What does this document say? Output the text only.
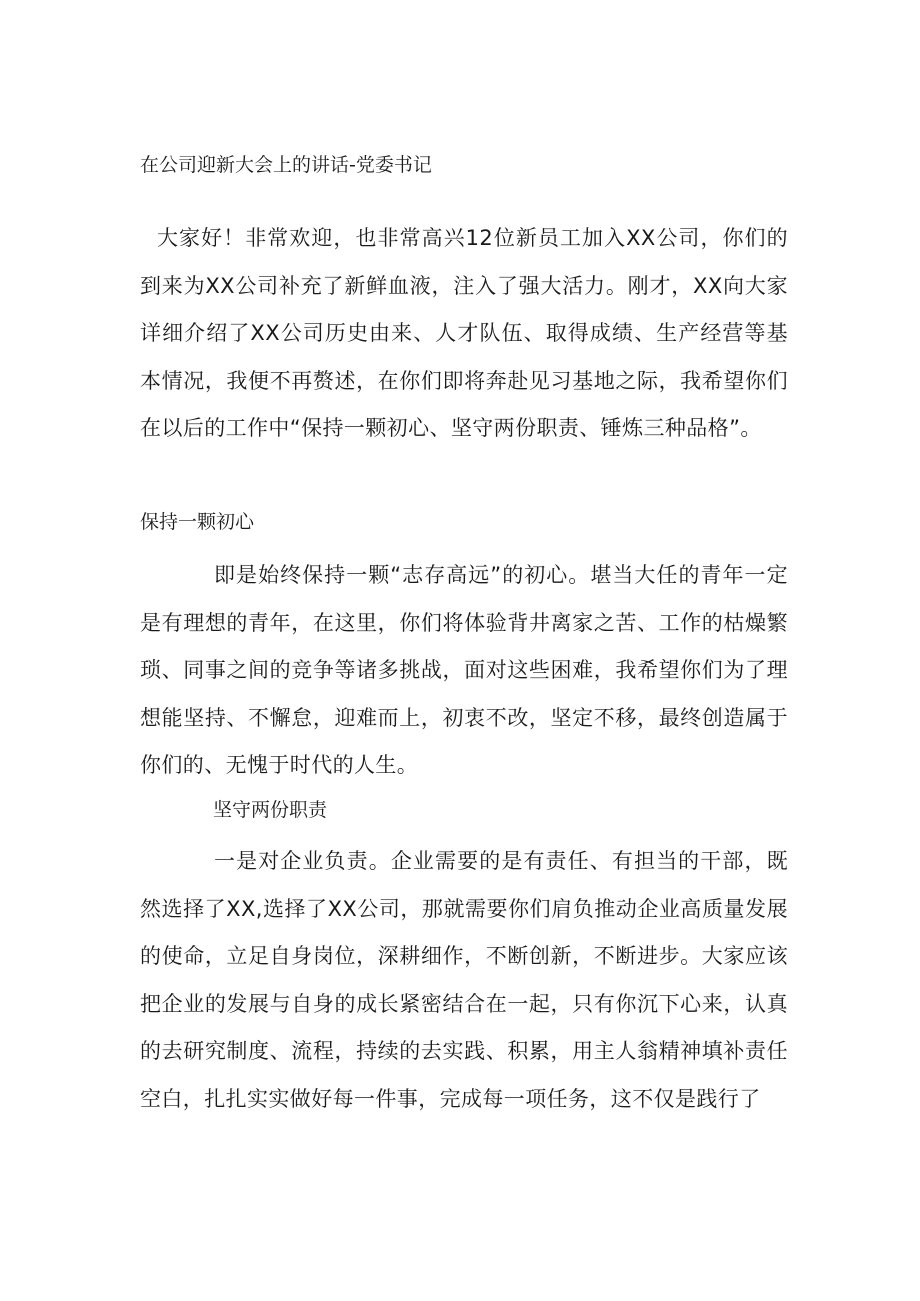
在公司迎新大会上的讲话-党委书记

大家好！非常欢迎，也非常高兴12位新员工加入XX公司，你们的到来为XX公司补充了新鲜血液，注入了强大活力。刚才，XX向大家详细介绍了XX公司历史由来、人才队伍、取得成绩、生产经营等基本情况，我便不再赘述，在你们即将奔赴见习基地之际，我希望你们在以后的工作中“保持一颗初心、坚守两份职责、锤炼三种品格”。

保持一颗初心

即是始终保持一颗“志存高远”的初心。堪当大任的青年一定是有理想的青年，在这里，你们将体验背井离家之苦、工作的枯燥繁琐、同事之间的竞争等诸多挑战，面对这些困难，我希望你们为了理想能坚持、不懈怠，迎难而上，初衷不改，坚定不移，最终创造属于你们的、无愧于时代的人生。

坚守两份职责

一是对企业负责。企业需要的是有责任、有担当的干部，既然选择了XX,选择了XX公司，那就需要你们肩负推动企业高质量发展的使命，立足自身岗位，深耕细作，不断创新，不断进步。大家应该把企业的发展与自身的成长紧密结合在一起，只有你沉下心来，认真的去研究制度、流程，持续的去实践、积累，用主人翁精神填补责任空白，扎扎实实做好每一件事，完成每一项任务，这不仅是践行了
